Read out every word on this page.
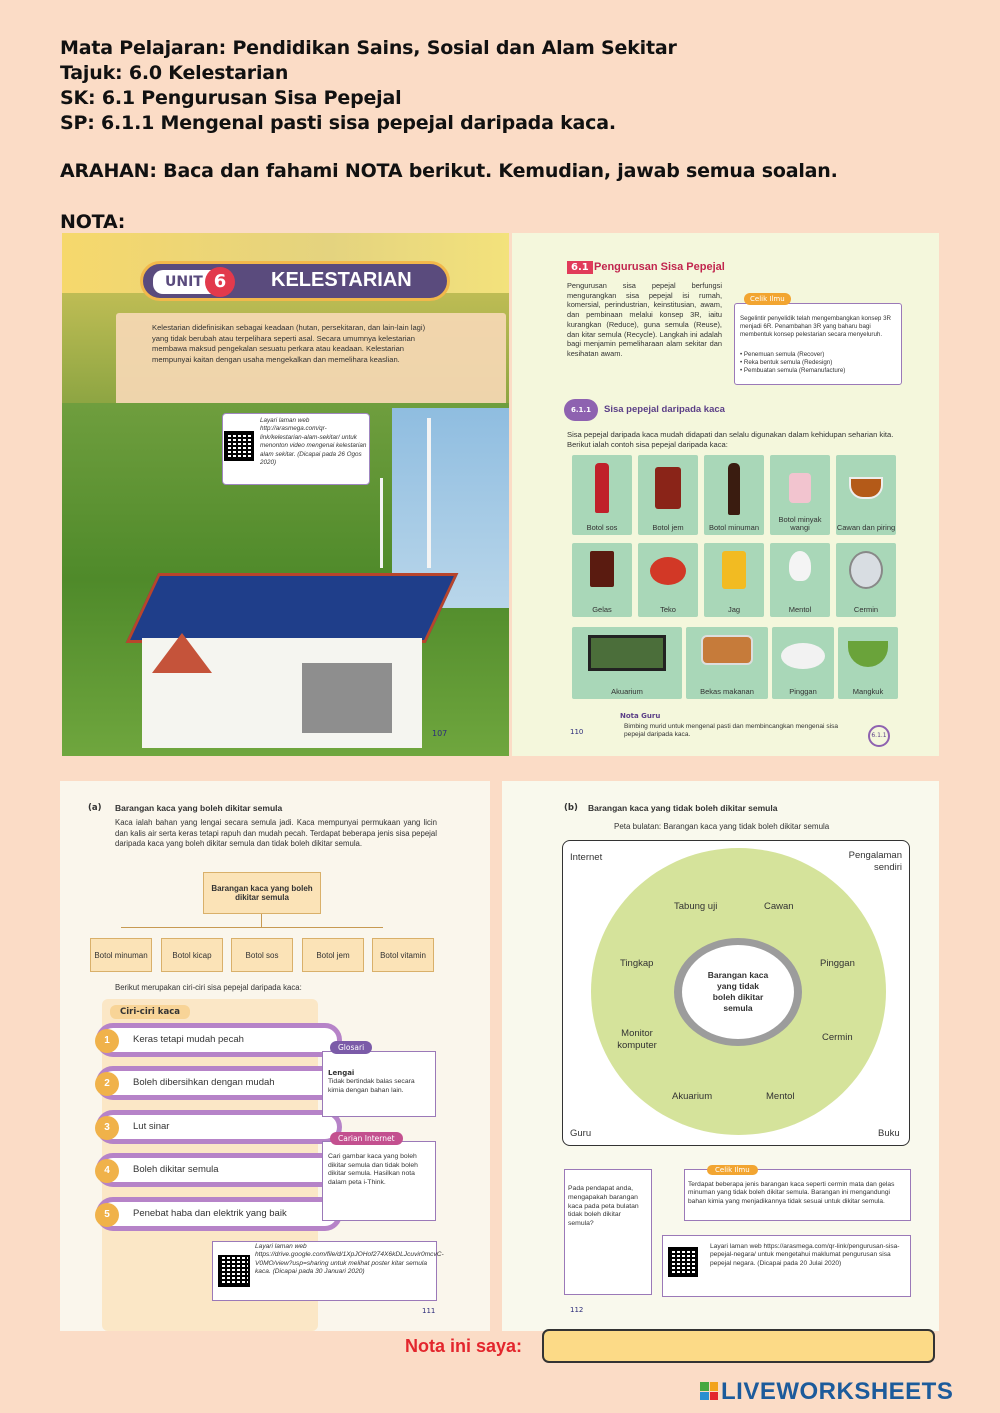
Mata Pelajaran: Pendidikan Sains, Sosial dan Alam Sekitar
Tajuk: 6.0 Kelestarian
SK: 6.1 Pengurusan Sisa Pepejal
SP: 6.1.1 Mengenal pasti sisa pepejal daripada kaca.
ARAHAN: Baca dan fahami NOTA berikut. Kemudian, jawab semua soalan.
NOTA:
UNIT 6	KELESTARIAN
Kelestarian didefinisikan sebagai keadaan (hutan, persekitaran, dan lain-lain lagi) yang tidak berubah atau terpelihara seperti asal. Secara umumnya kelestarian membawa maksud pengekalan sesuatu perkara atau keadaan. Kelestarian mempunyai kaitan dengan usaha mengekalkan dan memelihara keaslian.
Layari laman web http://arasmega.com/qr-link/kelestarian-alam-sekitar/ untuk menonton video mengenai kelestarian alam sekitar. (Dicapai pada 26 Ogos 2020)
107
6.1 Pengurusan Sisa Pepejal
Pengurusan sisa pepejal berfungsi mengurangkan sisa pepejal isi rumah, komersial, perindustrian, keinstitusian, awam, dan pembinaan melalui konsep 3R, iaitu kurangkan (Reduce), guna semula (Reuse), dan kitar semula (Recycle). Langkah ini adalah bagi menjamin pemeliharaan alam sekitar dan kesihatan awam.
Celik Ilmu
Segelintir penyelidik telah mengembangkan konsep 3R menjadi 6R. Penambahan 3R yang baharu bagi membentuk konsep pelestarian secara menyeluruh.
• Penemuan semula (Recover)
• Reka bentuk semula (Redesign)
• Pembuatan semula (Remanufacture)
6.1.1	Sisa pepejal daripada kaca
Sisa pepejal daripada kaca mudah didapati dan selalu digunakan dalam kehidupan seharian kita. Berikut ialah contoh sisa pepejal daripada kaca:
Botol sos	Botol jem	Botol minuman
Botol minyak wangi	Cawan dan piring
Gelas	Teko	Jag	Mentol	Cermin
Akuarium	Bekas makanan	Pinggan	Mangkuk
Nota Guru
Bimbing murid untuk mengenal pasti dan membincangkan mengenai sisa pepejal daripada kaca.
110	6.1.1
(a) Barangan kaca yang boleh dikitar semula
Kaca ialah bahan yang lengai secara semula jadi. Kaca mempunyai permukaan yang licin dan kalis air serta keras tetapi rapuh dan mudah pecah. Terdapat beberapa jenis sisa pepejal daripada kaca yang boleh dikitar semula dan tidak boleh dikitar semula.
Barangan kaca yang boleh dikitar semula
Botol minuman	Botol kicap	Botol sos	Botol jem	Botol vitamin
Berikut merupakan ciri-ciri sisa pepejal daripada kaca:
Ciri-ciri kaca
1	Keras tetapi mudah pecah
2	Boleh dibersihkan dengan mudah
3	Lut sinar
4	Boleh dikitar semula
5	Penebat haba dan elektrik yang baik
Glosari
Lengai
Tidak bertindak balas secara kimia dengan bahan lain.
Carian Internet
Cari gambar kaca yang boleh dikitar semula dan tidak boleh dikitar semula. Hasilkan nota dalam peta i-Think.
Layari laman web https://drive.google.com/file/d/1XpJOHof274X6kDLJcuvir0mcvC-V0MO/view?usp=sharing untuk melihat poster kitar semula kaca. (Dicapai pada 30 Januari 2020)
111
(b) Barangan kaca yang tidak boleh dikitar semula
Peta bulatan: Barangan kaca yang tidak boleh dikitar semula
Barangan kaca yang tidak boleh dikitar semula
Internet	Pengalaman sendiri
Guru	Buku
Tabung uji	Cawan
Pinggan
Cermin
Mentol
Akuarium
Monitor komputer
Tingkap
Pada pendapat anda, mengapakah barangan kaca pada peta bulatan tidak boleh dikitar semula?
Celik Ilmu
Terdapat beberapa jenis barangan kaca seperti cermin mata dan gelas minuman yang tidak boleh dikitar semula. Barangan ini mengandungi bahan kimia yang menjadikannya tidak sesuai untuk dikitar semula.
Layari laman web https://arasmega.com/qr-link/pengurusan-sisa-pepejal-negara/ untuk mengetahui maklumat pengurusan sisa pepejal negara. (Dicapai pada 20 Julai 2020)
112
Nota ini saya:
LIVEWORKSHEETS
